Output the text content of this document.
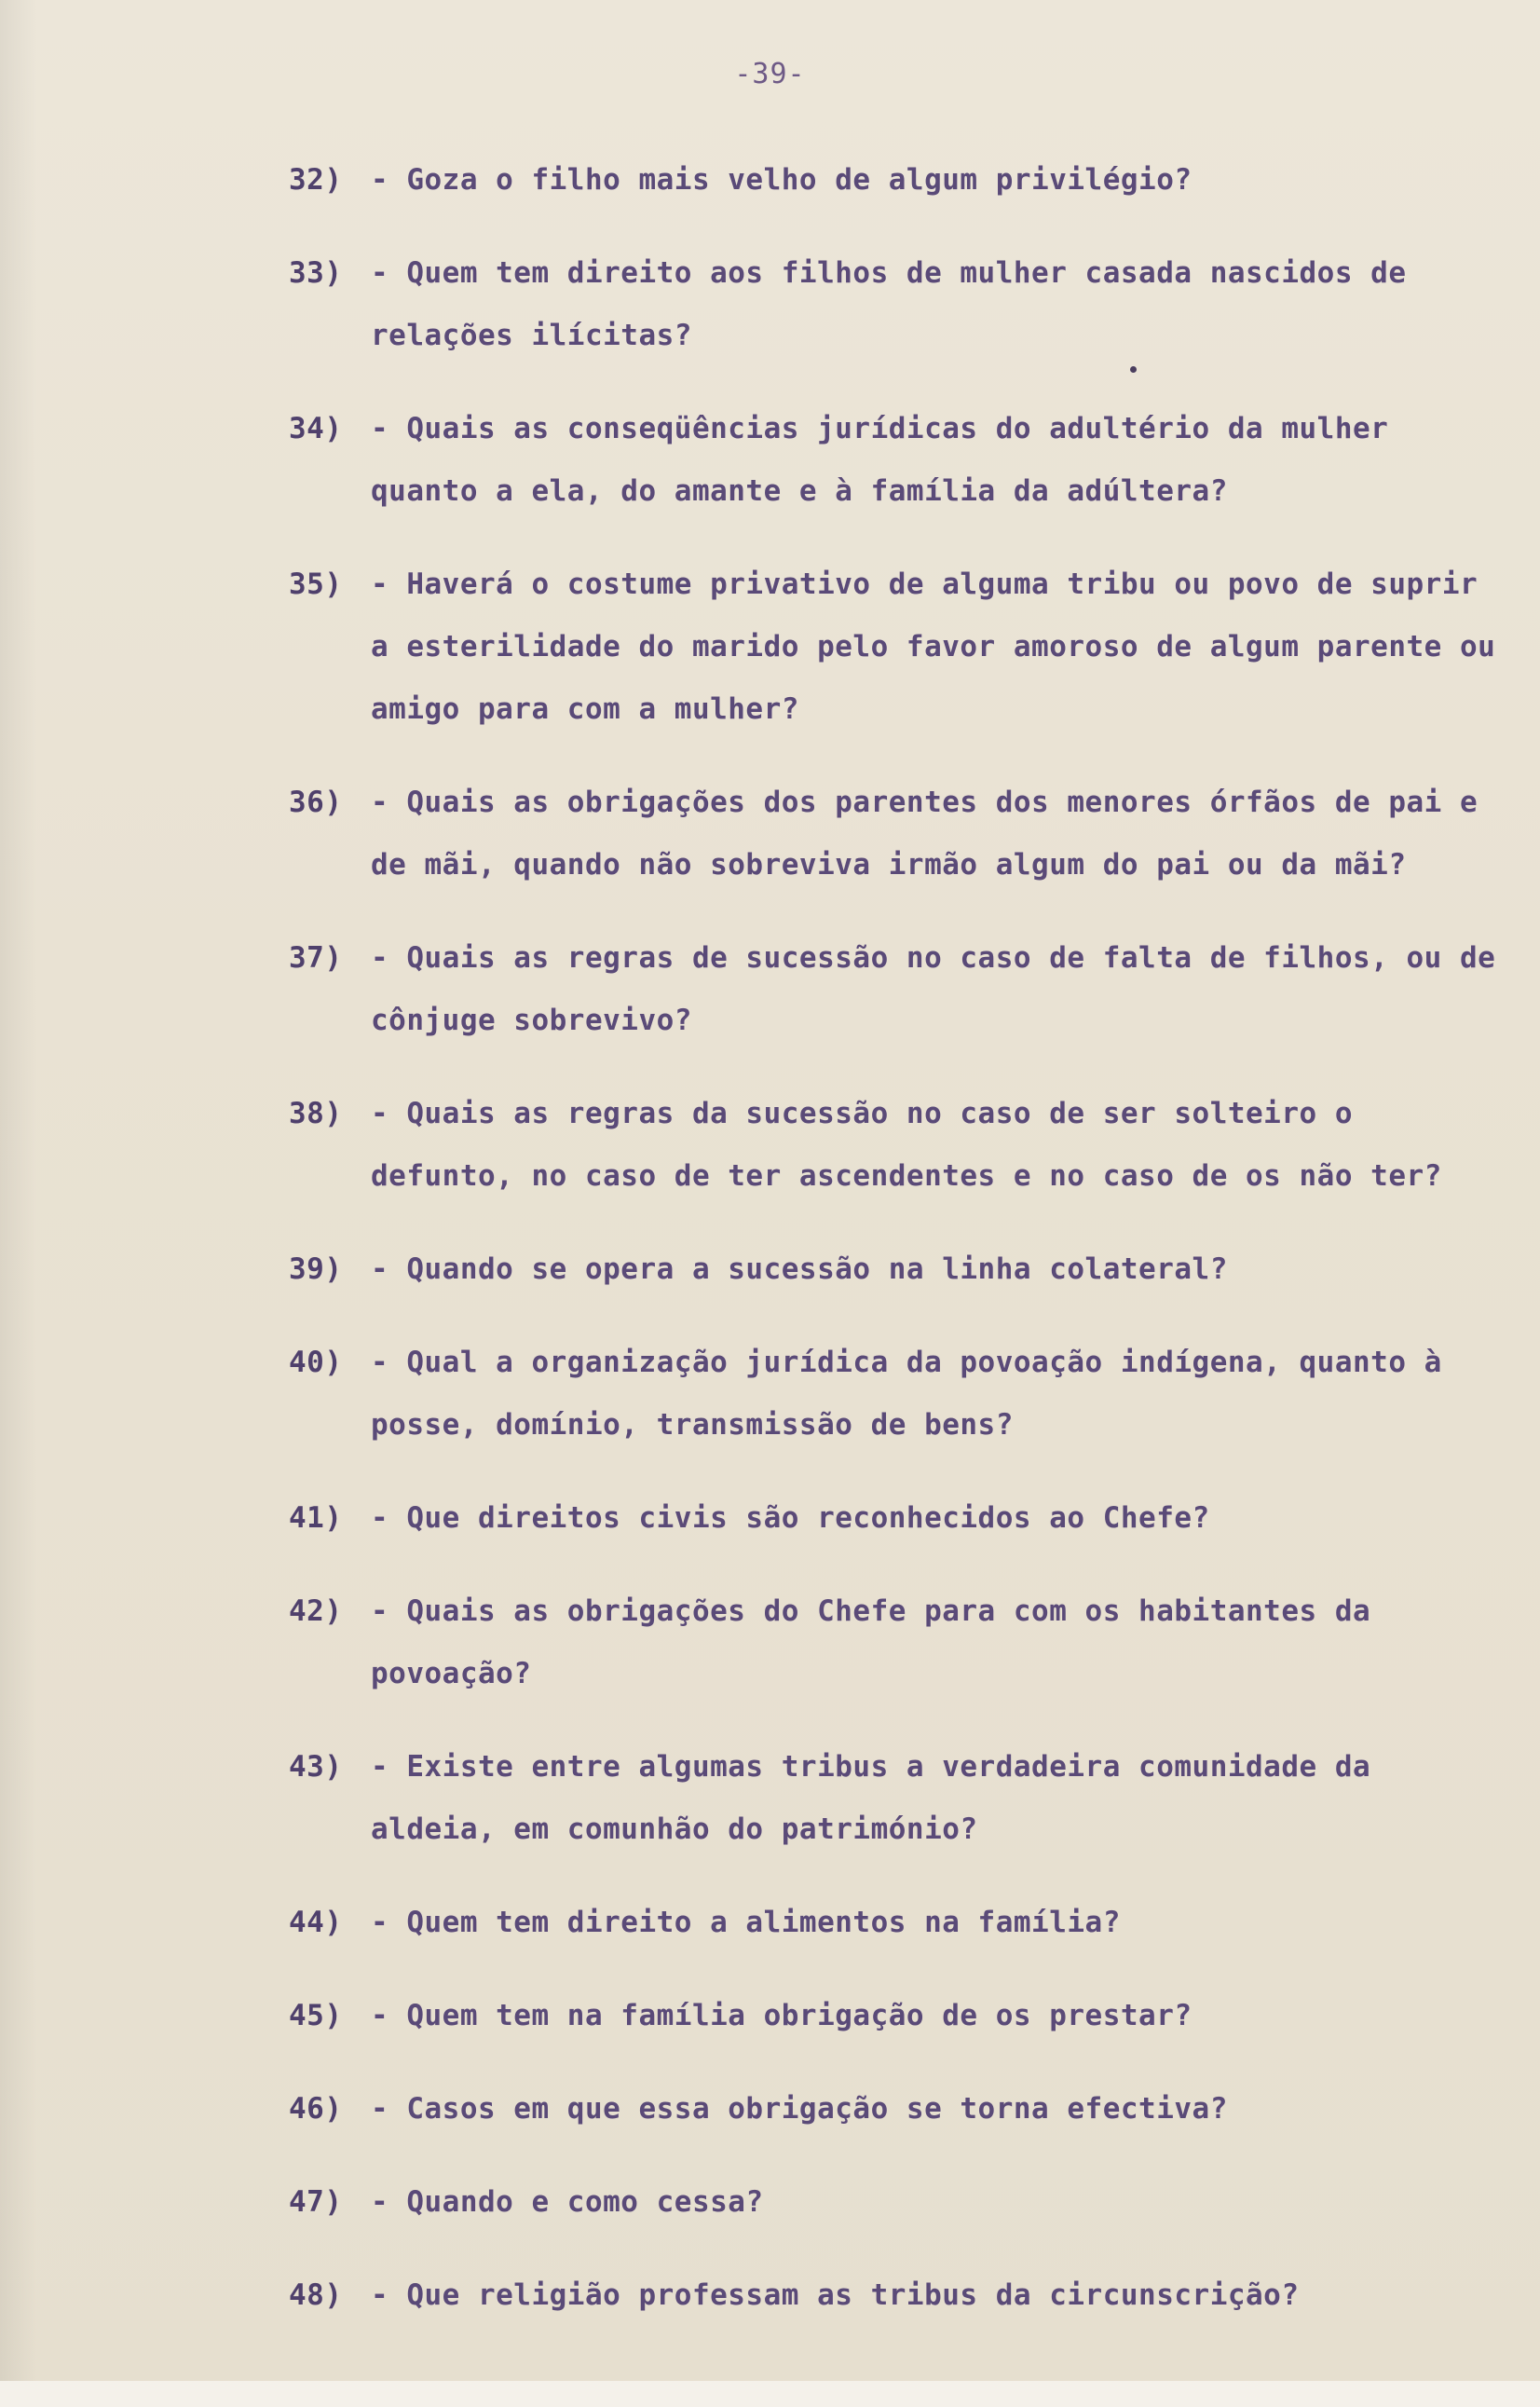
-39-
32) - Goza o filho mais velho de algum privilégio?
33) - Quem tem direito aos filhos de mulher casada nascidos de relações ilícitas?
34) - Quais as conseqüências jurídicas do adultério da mulher quanto a ela, do amante e à família da adúltera?
35) - Haverá o costume privativo de alguma tribu ou povo de suprir a esterilidade do marido pelo favor amoroso de algum parente ou amigo para com a mulher?
36) - Quais as obrigações dos parentes dos menores órfãos de pai e de mãi, quando não sobreviva irmão algum do pai ou da mãi?
37) - Quais as regras de sucessão no caso de falta de filhos, ou de cônjuge sobrevivo?
38) - Quais as regras da sucessão no caso de ser solteiro o defunto, no caso de ter ascendentes e no caso de os não ter?
39) - Quando se opera a sucessão na linha colateral?
40) - Qual a organização jurídica da povoação indígena, quanto à posse, domínio, transmissão de bens?
41) - Que direitos civis são reconhecidos ao Chefe?
42) - Quais as obrigações do Chefe para com os habitantes da povoação?
43) - Existe entre algumas tribus a verdadeira comunidade da aldeia, em comunhão do património?
44) - Quem tem direito a alimentos na família?
45) - Quem tem na família obrigação de os prestar?
46) - Casos em que essa obrigação se torna efectiva?
47) - Quando e como cessa?
48) - Que religião professam as tribus da circunscrição?
